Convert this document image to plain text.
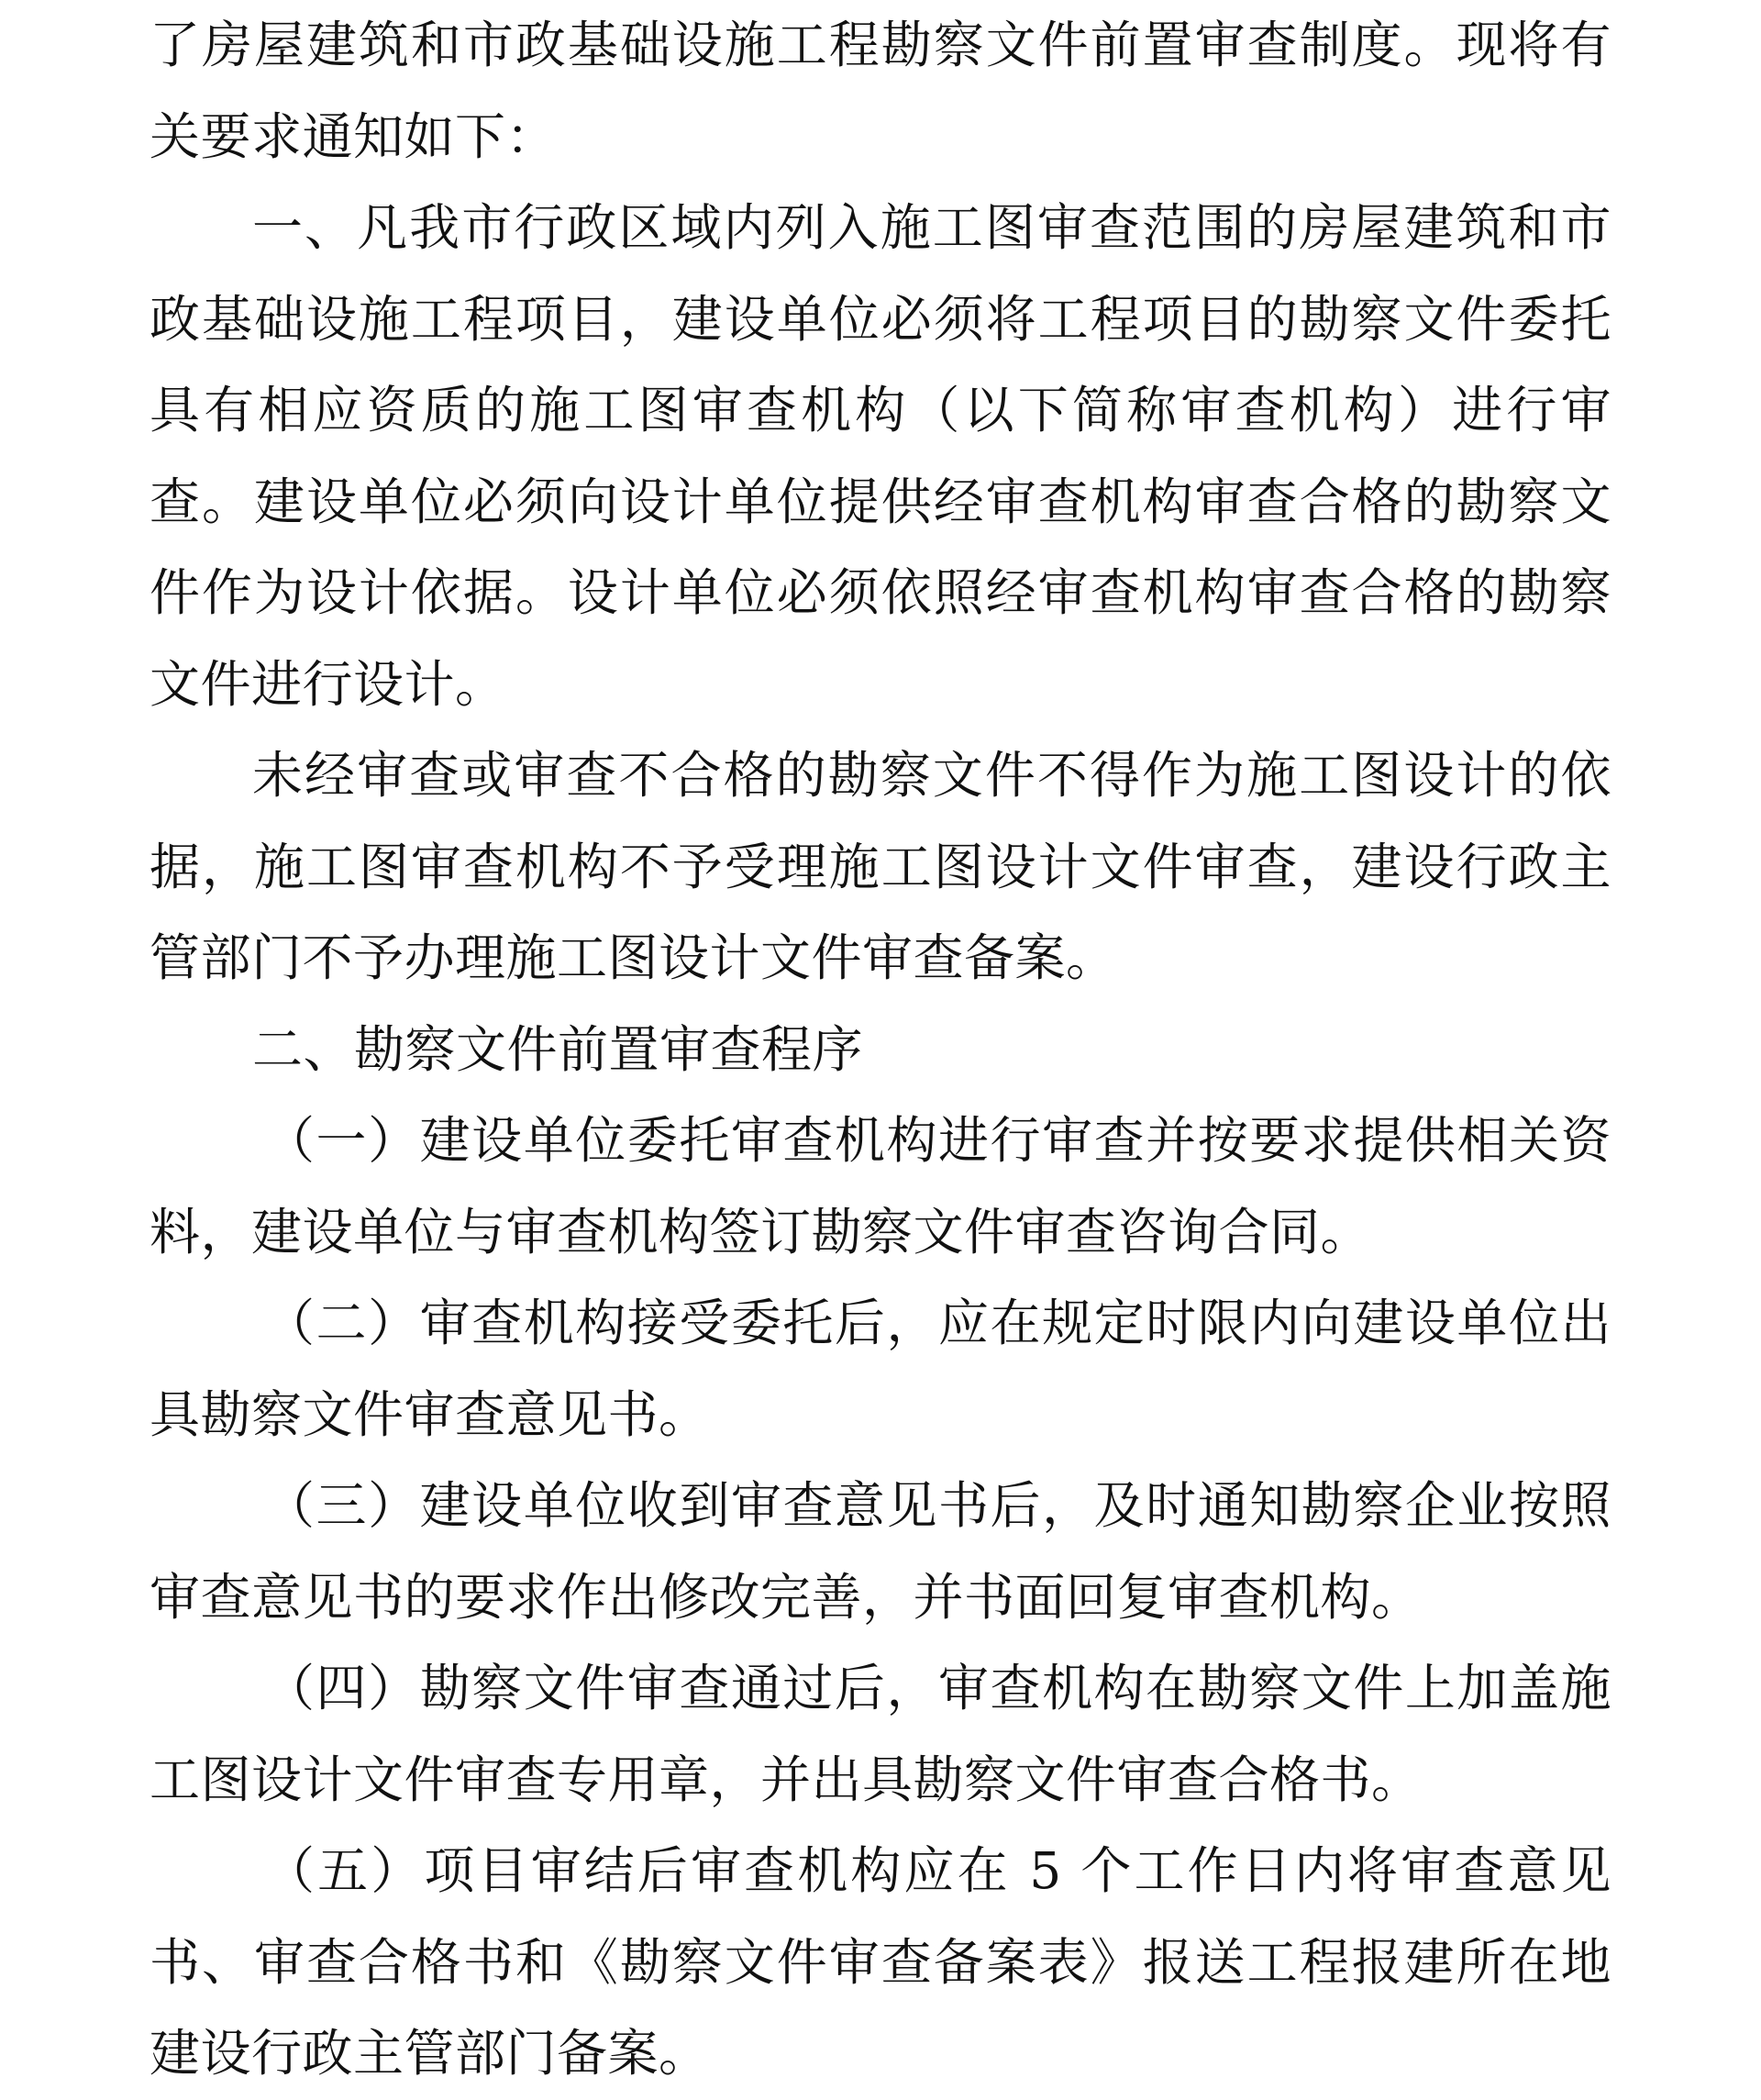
了房屋建筑和市政基础设施工程勘察文件前置审查制度。现将有关要求通知如下：

一、凡我市行政区域内列入施工图审查范围的房屋建筑和市政基础设施工程项目，建设单位必须将工程项目的勘察文件委托具有相应资质的施工图审查机构（以下简称审查机构）进行审查。建设单位必须向设计单位提供经审查机构审查合格的勘察文件作为设计依据。设计单位必须依照经审查机构审查合格的勘察文件进行设计。

未经审查或审查不合格的勘察文件不得作为施工图设计的依据，施工图审查机构不予受理施工图设计文件审查，建设行政主管部门不予办理施工图设计文件审查备案。

二、勘察文件前置审查程序

（一）建设单位委托审查机构进行审查并按要求提供相关资料，建设单位与审查机构签订勘察文件审查咨询合同。

（二）审查机构接受委托后，应在规定时限内向建设单位出具勘察文件审查意见书。

（三）建设单位收到审查意见书后，及时通知勘察企业按照审查意见书的要求作出修改完善，并书面回复审查机构。

（四）勘察文件审查通过后，审查机构在勘察文件上加盖施工图设计文件审查专用章，并出具勘察文件审查合格书。

（五）项目审结后审查机构应在 5 个工作日内将审查意见书、审查合格书和《勘察文件审查备案表》报送工程报建所在地建设行政主管部门备案。
